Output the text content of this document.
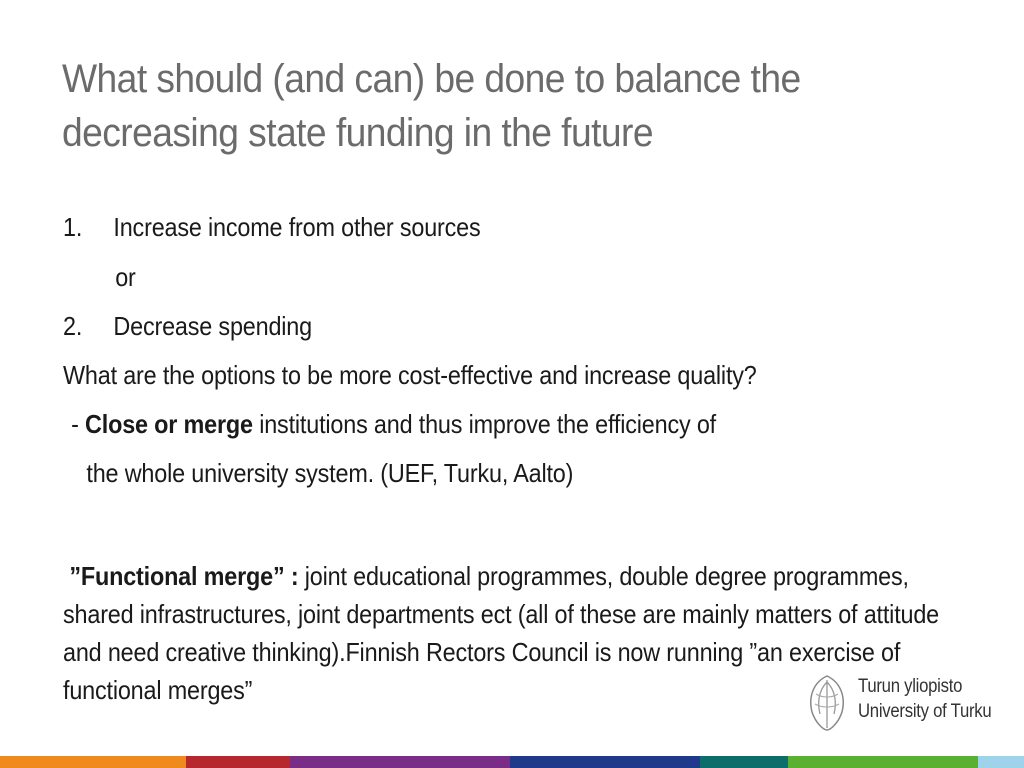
What should (and can) be done to balance the decreasing state funding in the future
1. Increase income from other sources
or
2. Decrease spending
What are the options to be more cost-effective and increase quality?
- Close or merge institutions and thus improve the efficiency of
the whole university system. (UEF, Turku, Aalto)
”Functional merge” : joint educational programmes, double degree programmes, shared infrastructures, joint departments ect (all of these are mainly matters of attitude and need creative thinking).Finnish Rectors Council is now running ”an exercise of functional merges”	Turun yliopisto
University of Turku
